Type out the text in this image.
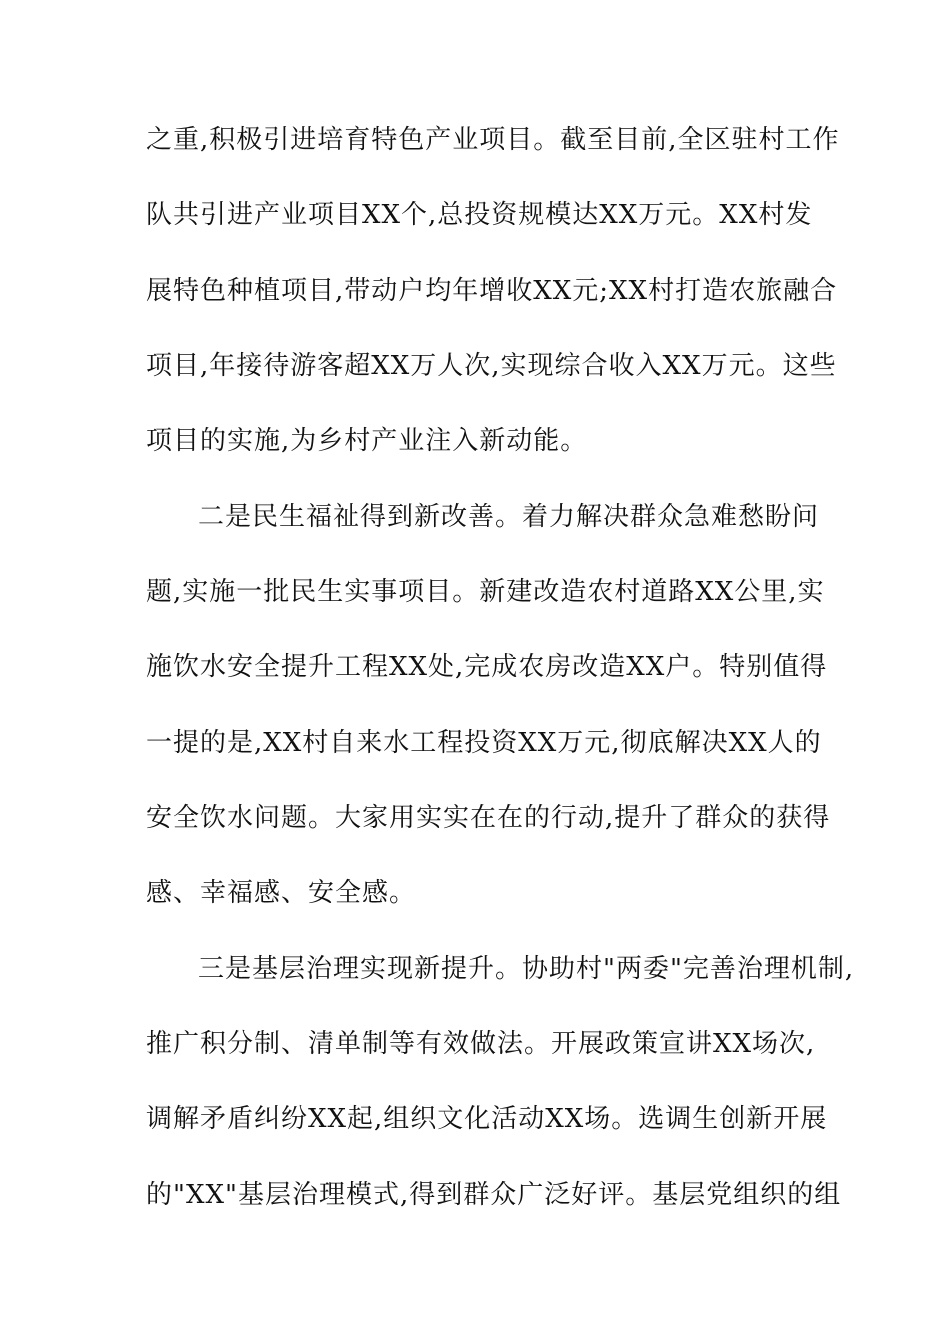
之重,积极引进培育特色产业项目。截至目前,全区驻村工作
队共引进产业项目XX个,总投资规模达XX万元。XX村发
展特色种植项目,带动户均年增收XX元;XX村打造农旅融合
项目,年接待游客超XX万人次,实现综合收入XX万元。这些
项目的实施,为乡村产业注入新动能。
二是民生福祉得到新改善。着力解决群众急难愁盼问
题,实施一批民生实事项目。新建改造农村道路XX公里,实
施饮水安全提升工程XX处,完成农房改造XX户。特别值得
一提的是,XX村自来水工程投资XX万元,彻底解决XX人的
安全饮水问题。大家用实实在在的行动,提升了群众的获得
感、幸福感、安全感。
三是基层治理实现新提升。协助村"两委"完善治理机制,
推广积分制、清单制等有效做法。开展政策宣讲XX场次,
调解矛盾纠纷XX起,组织文化活动XX场。选调生创新开展
的"XX"基层治理模式,得到群众广泛好评。基层党组织的组
